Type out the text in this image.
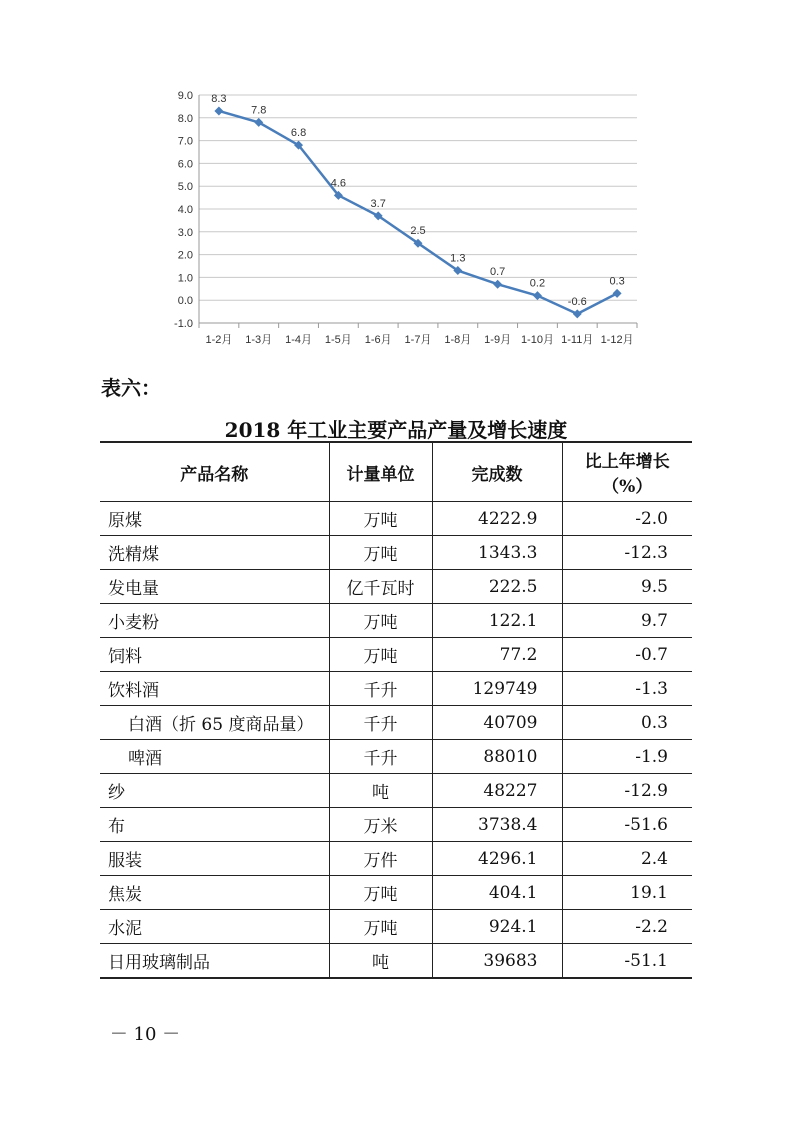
9.0
8.0
7.0
6.0
5.0
4.0
3.0
2.0
1.0
0.0
-1.0
1-2月 1-3月 1-4月 1-5月 1-6月 1-7月 1-8月 1-9月 1-10月 1-11月 1-12月
8.3
7.8
6.8
4.6
3.7
2.5
1.3
0.7
0.2
-0.6
0.3
表六：
2018 年工业主要产品产量及增长速度
产品名称	计量单位	完成数	比上年增长
（%）

原煤	万吨	4222.9	-2.0
洗精煤	万吨	1343.3	-12.3
发电量	亿千瓦时	222.5	9.5
小麦粉	万吨	122.1	9.7
饲料	万吨	77.2	-0.7
饮料酒	千升	129749	-1.3
白酒（折 65 度商品量）	千升	40709	0.3
啤酒	千升	88010	-1.9
纱	吨	48227	-12.9
布	万米	3738.4	-51.6
服装	万件	4296.1	2.4
焦炭	万吨	404.1	19.1
水泥	万吨	924.1	-2.2
日用玻璃制品	吨	39683	-51.1
－ 10 －
